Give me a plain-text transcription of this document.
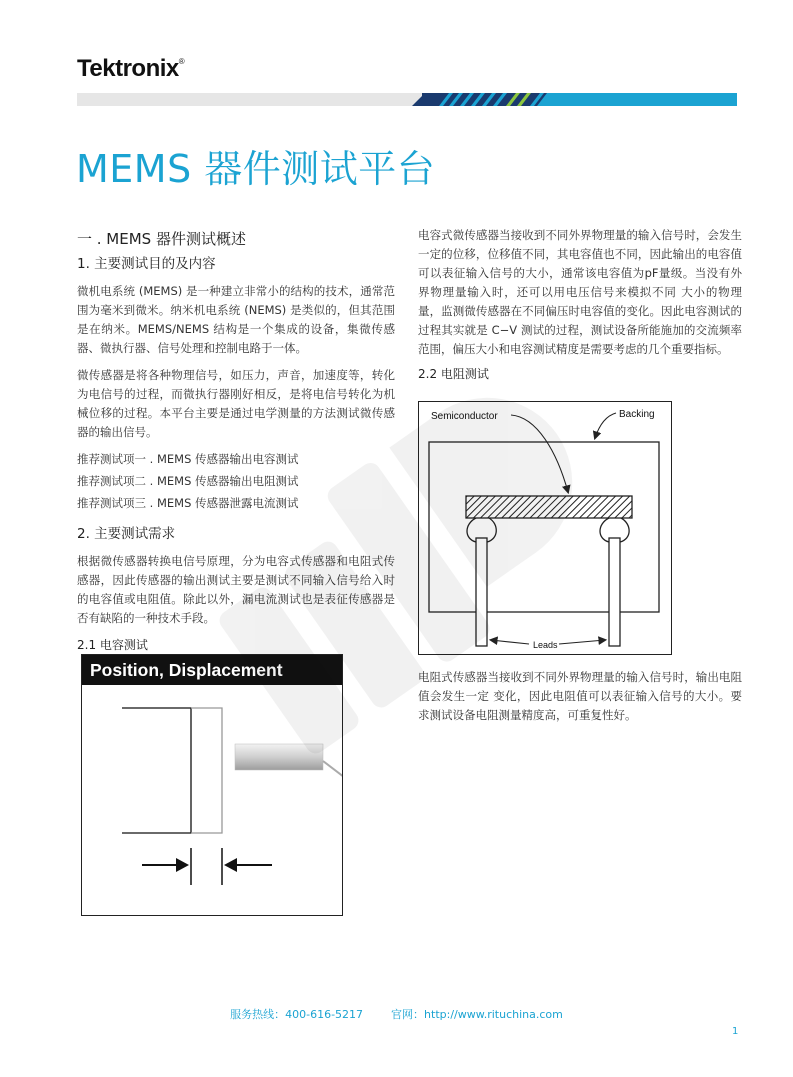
Tektronix®
MEMS 器件测试平台
一 . MEMS 器件测试概述
1. 主要测试目的及内容
微机电系统 (MEMS) 是一种建立非常小的结构的技术，通常范围为毫米到微米。纳米机电系统 (NEMS) 是类似的，但其范围是在纳米。MEMS/NEMS 结构是一个集成的设备，集微传感器、微执行器、信号处理和控制电路于一体。
微传感器是将各种物理信号，如压力，声音，加速度等，转化为电信号的过程，而微执行器刚好相反，是将电信号转化为机械位移的过程。本平台主要是通过电学测量的方法测试微传感器的输出信号。
推荐测试项一 . MEMS 传感器输出电容测试
推荐测试项二 . MEMS 传感器输出电阻测试
推荐测试项三 . MEMS 传感器泄露电流测试
2. 主要测试需求
根据微传感器转换电信号原理，分为电容式传感器和电阻式传感器，因此传感器的输出测试主要是测试不同输入信号给入时的电容值或电阻值。除此以外，漏电流测试也是表征传感器是否有缺陷的一种技术手段。
2.1 电容测试
Position, Displacement
电容式微传感器当接收到不同外界物理量的输入信号时，会发生一定的位移，位移值不同，其电容值也不同，因此输出的电容值可以表征输入信号的大小，通常该电容值为pF量级。当没有外界物理量输入时，还可以用电压信号来模拟不同 大小的物理量，监测微传感器在不同偏压时电容值的变化。因此电容测试的过程其实就是 C−V 测试的过程，测试设备所能施加的交流频率范围，偏压大小和电容测试精度是需要考虑的几个重要指标。
2.2 电阻测试
Semiconductor	Backing
Leads
电阻式传感器当接收到不同外界物理量的输入信号时，输出电阻值会发生一定 变化，因此电阻值可以表征输入信号的大小。要求测试设备电阻测量精度高，可重复性好。
服务热线：400-616-5217	官网：http://www.rituchina.com
1
